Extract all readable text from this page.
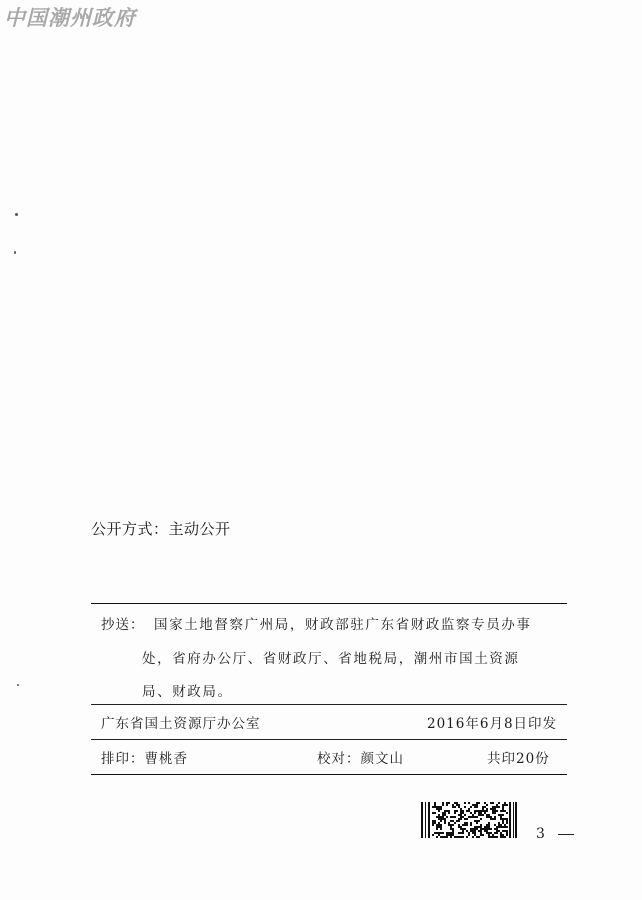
中国潮州政府
公开方式：主动公开
抄送： 国家土地督察广州局，财政部驻广东省财政监察专员办事
处，省府办公厅、省财政厅、省地税局，潮州市国土资源
局、财政局。
广东省国土资源厅办公室	2016年6月8日印发
排印：曹桃香	校对：颜文山	共印20份
3
